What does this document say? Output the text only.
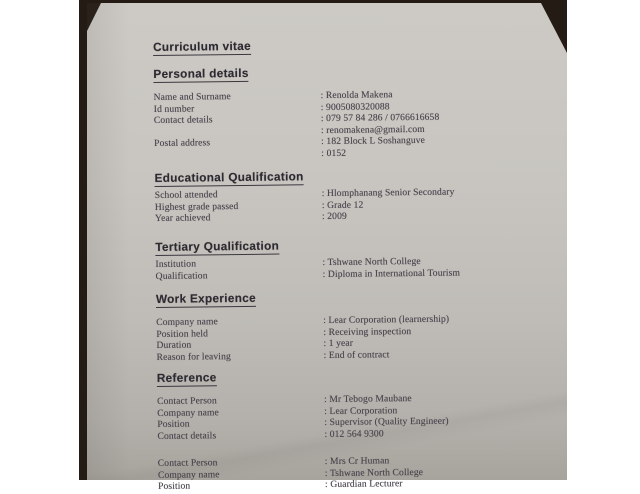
Curriculum vitae
Personal details
Name and Surname	: Renolda Makena
Id number	: 9005080320088
Contact details	: 079 57 84 286 / 0766616658
: renomakena@gmail.com
Postal address	: 182 Block L Soshanguve
: 0152
Educational Qualification
School attended	: Hlomphanang Senior Secondary
Highest grade passed	: Grade 12
Year achieved	: 2009
Tertiary Qualification
Institution	: Tshwane North College
Qualification	: Diploma in International Tourism
Work Experience
Company name	: Lear Corporation (learnership)
Position held	: Receiving inspection
Duration	: 1 year
Reason for leaving	: End of contract
Reference
Contact Person	: Mr Tebogo Maubane
Company name	: Lear Corporation
Position	: Supervisor (Quality Engineer)
Contact details	: 012 564 9300
Contact Person	: Mrs Cr Human
Company name	: Tshwane North College
Position	: Guardian Lecturer
